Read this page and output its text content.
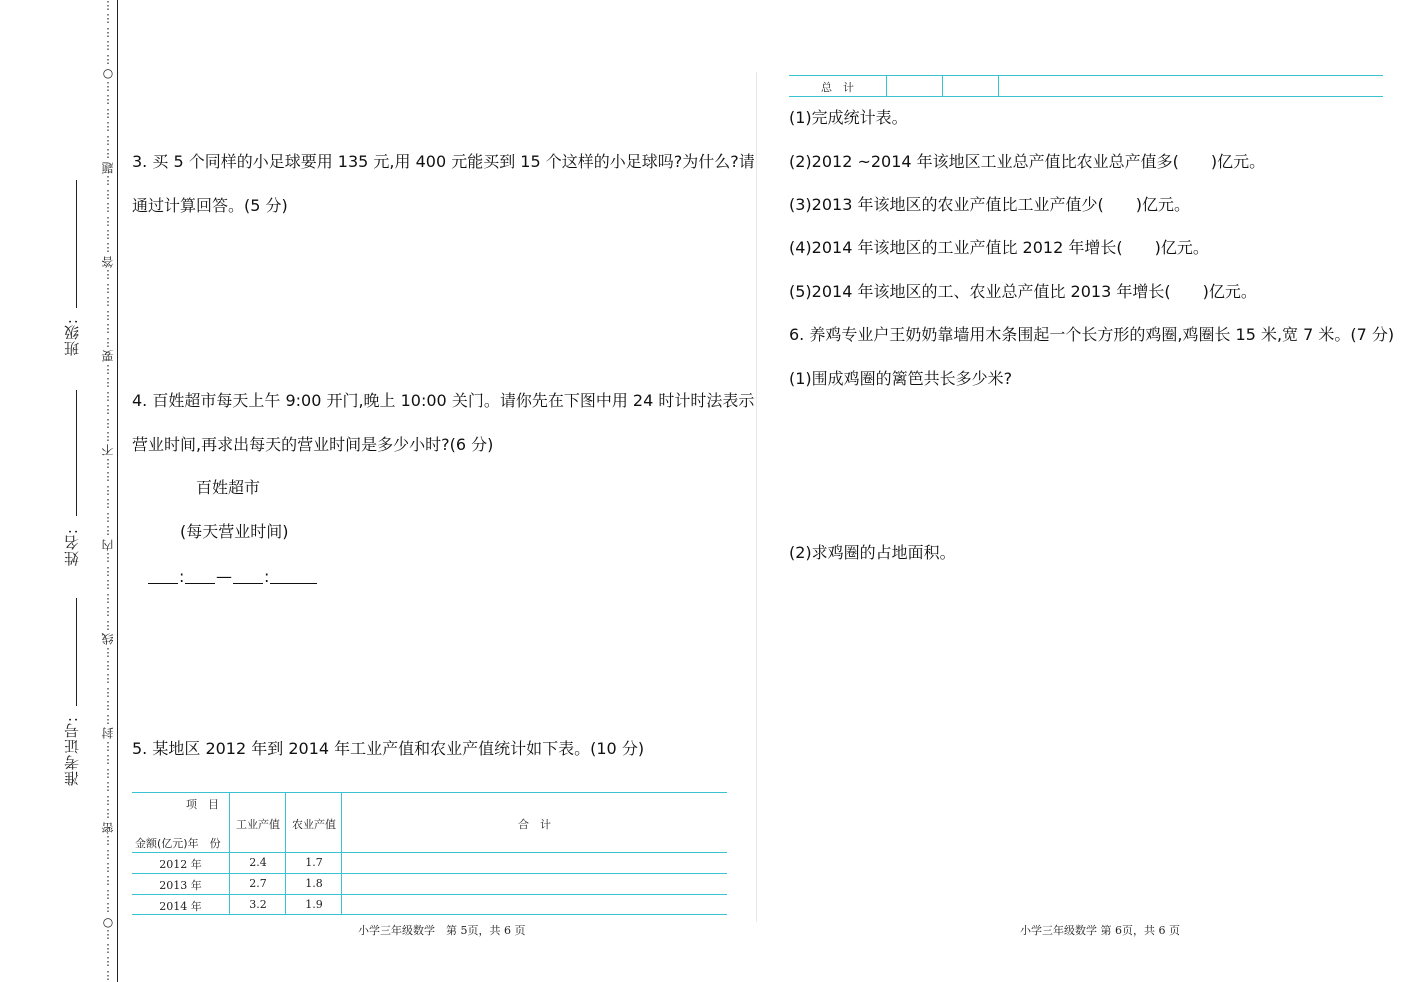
⋮
⋮
⋮
⋮
⋮
○
⋮
⋮
⋮
⋮
⋮
⋮
题
⋮
⋮
⋮
⋮
⋮
⋮
答
⋮
⋮
⋮
⋮
⋮
⋮
要
⋮
⋮
⋮
⋮
⋮
⋮
不
⋮
⋮
⋮
⋮
⋮
⋮
内
⋮
⋮
⋮
⋮
⋮
⋮
线
⋮
⋮
⋮
⋮
⋮
⋮
封
⋮
⋮
⋮
⋮
⋮
⋮
密
⋮
⋮
⋮
⋮
⋮
⋮
○
⋮
⋮
⋮
⋮
班级:
姓名:
准考证号:
3. 买 5 个同样的小足球要用 135 元,用 400 元能买到 15 个这样的小足球吗?为什么?请
通过计算回答。(5 分)
4. 百姓超市每天上午 9:00 开门,晚上 10:00 关门。请你先在下图中用 24 时计时法表示
营业时间,再求出每天的营业时间是多少小时?(6 分)
百姓超市
(每天营业时间)
: — :
5. 某地区 2012 年到 2014 年工业产值和农业产值统计如下表。(10 分)
项　目
金额(亿元)年　份
工业产值	农业产值	合　计
2012 年	2.4	1.7
2013 年	2.7	1.8
2014 年	3.2	1.9
小学三年级数学　第 5页，共 6 页
总　计
(1)完成统计表。
(2)2012 ~2014 年该地区工业总产值比农业总产值多(　　)亿元。
(3)2013 年该地区的农业产值比工业产值少(　　)亿元。
(4)2014 年该地区的工业产值比 2012 年增长(　　)亿元。
(5)2014 年该地区的工、农业总产值比 2013 年增长(　　)亿元。
6. 养鸡专业户王奶奶靠墙用木条围起一个长方形的鸡圈,鸡圈长 15 米,宽 7 米。(7 分)
(1)围成鸡圈的篱笆共长多少米?
(2)求鸡圈的占地面积。
小学三年级数学 第 6页，共 6 页
